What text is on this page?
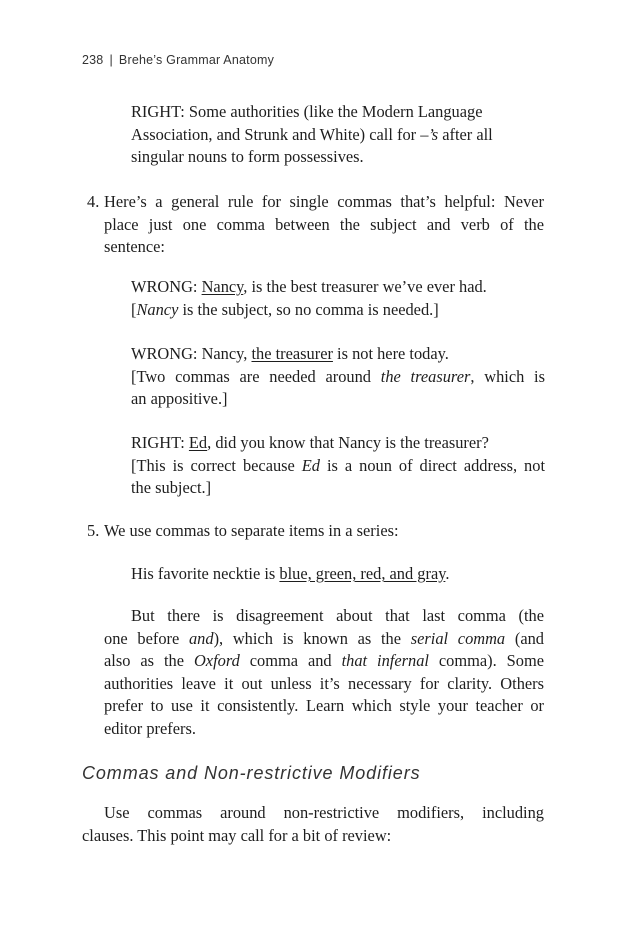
238 | Brehe’s Grammar Anatomy
RIGHT: Some authorities (like the Modern Language
Association, and Strunk and White) call for –’s after all
singular nouns to form possessives.
4. Here’s a general rule for single commas that’s helpful: Never
place just one comma between the subject and verb of the
sentence:
WRONG: Nancy, is the best treasurer we’ve ever had.
[Nancy is the subject, so no comma is needed.]
WRONG: Nancy, the treasurer is not here today.
[Two commas are needed around the treasurer, which is
an appositive.]
RIGHT: Ed, did you know that Nancy is the treasurer?
[This is correct because Ed is a noun of direct address, not
the subject.]
5. We use commas to separate items in a series:
His favorite necktie is blue, green, red, and gray.
But there is disagreement about that last comma (the
one before and), which is known as the serial comma (and
also as the Oxford comma and that infernal comma). Some
authorities leave it out unless it’s necessary for clarity. Others
prefer to use it consistently. Learn which style your teacher or
editor prefers.
Commas and Non-restrictive Modifiers
Use commas around non-restrictive modifiers, including
clauses. This point may call for a bit of review:
